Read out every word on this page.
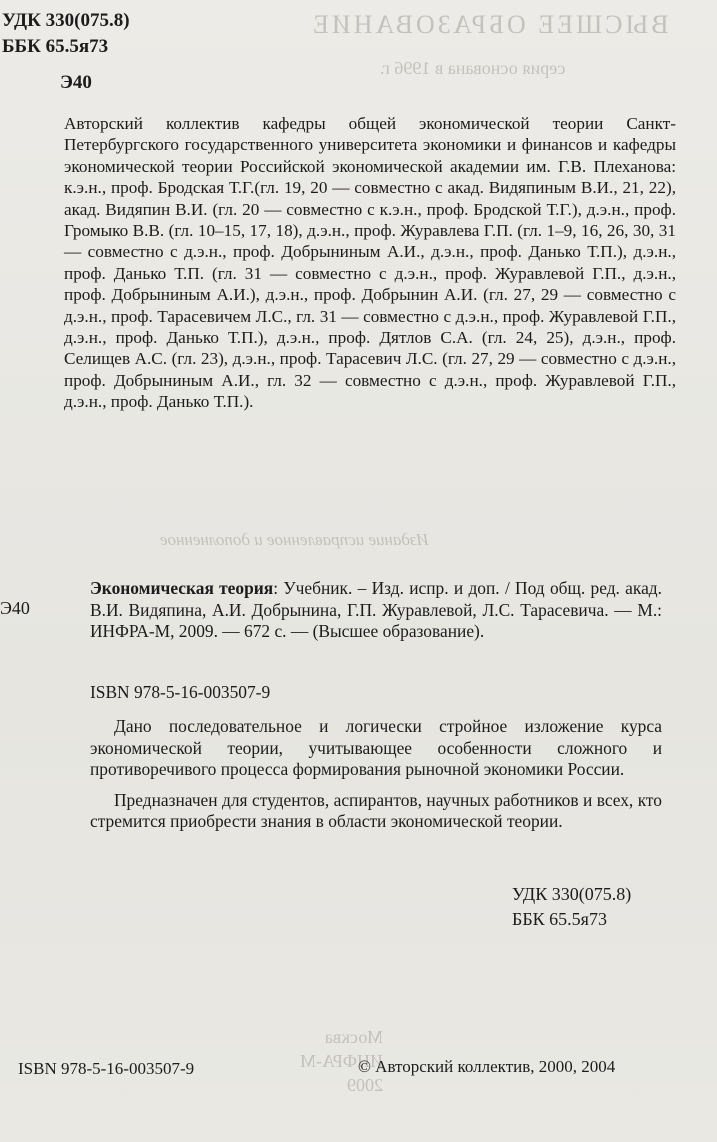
ВЫСШЕЕ ОБРАЗОВАНИЕ
серия основана в 1996 г.
Издание исправленное и дополненное
Москва
ИНФРА-М
2009
УДК 330(075.8)
ББК 65.5я73
Э40
Авторский коллектив кафедры общей экономической теории Санкт-Петербургского государственного университета экономики и финансов и кафедры экономической теории Российской экономической академии им. Г.В. Плеханова: к.э.н., проф. Бродская Т.Г.(гл. 19, 20 — совместно с акад. Видяпиным В.И., 21, 22), акад. Видяпин В.И. (гл. 20 — совместно с к.э.н., проф. Бродской Т.Г.), д.э.н., проф. Громыко В.В. (гл. 10–15, 17, 18), д.э.н., проф. Журавлева Г.П. (гл. 1–9, 16, 26, 30, 31 — совместно с д.э.н., проф. Добрыниным А.И., д.э.н., проф. Данько Т.П.), д.э.н., проф. Данько Т.П. (гл. 31 — совместно с д.э.н., проф. Журавлевой Г.П., д.э.н., проф. Добрыниным А.И.), д.э.н., проф. Добрынин А.И. (гл. 27, 29 — совместно с д.э.н., проф. Тарасевичем Л.С., гл. 31 — совместно с д.э.н., проф. Журавлевой Г.П., д.э.н., проф. Данько Т.П.), д.э.н., проф. Дятлов С.А. (гл. 24, 25), д.э.н., проф. Селищев А.С. (гл. 23), д.э.н., проф. Тарасевич Л.С. (гл. 27, 29 — совместно с д.э.н., проф. Добрыниным А.И., гл. 32 — совместно с д.э.н., проф. Журавлевой Г.П., д.э.н., проф. Данько Т.П.).
Э40
Экономическая теория: Учебник. – Изд. испр. и доп. / Под общ. ред. акад. В.И. Видяпина, А.И. Добрынина, Г.П. Журавлевой, Л.С. Тарасевича. — М.: ИНФРА-М, 2009. — 672 с. — (Высшее образование).
ISBN 978-5-16-003507-9

Дано последовательное и логически стройное изложение курса экономической теории, учитывающее особенности сложного и противоречивого процесса формирования рыночной экономики России.

Предназначен для студентов, аспирантов, научных работников и всех, кто стремится приобрести знания в области экономической теории.

УДК 330(075.8)
ББК 65.5я73
ISBN 978-5-16-003507-9	© Авторский коллектив, 2000, 2004
